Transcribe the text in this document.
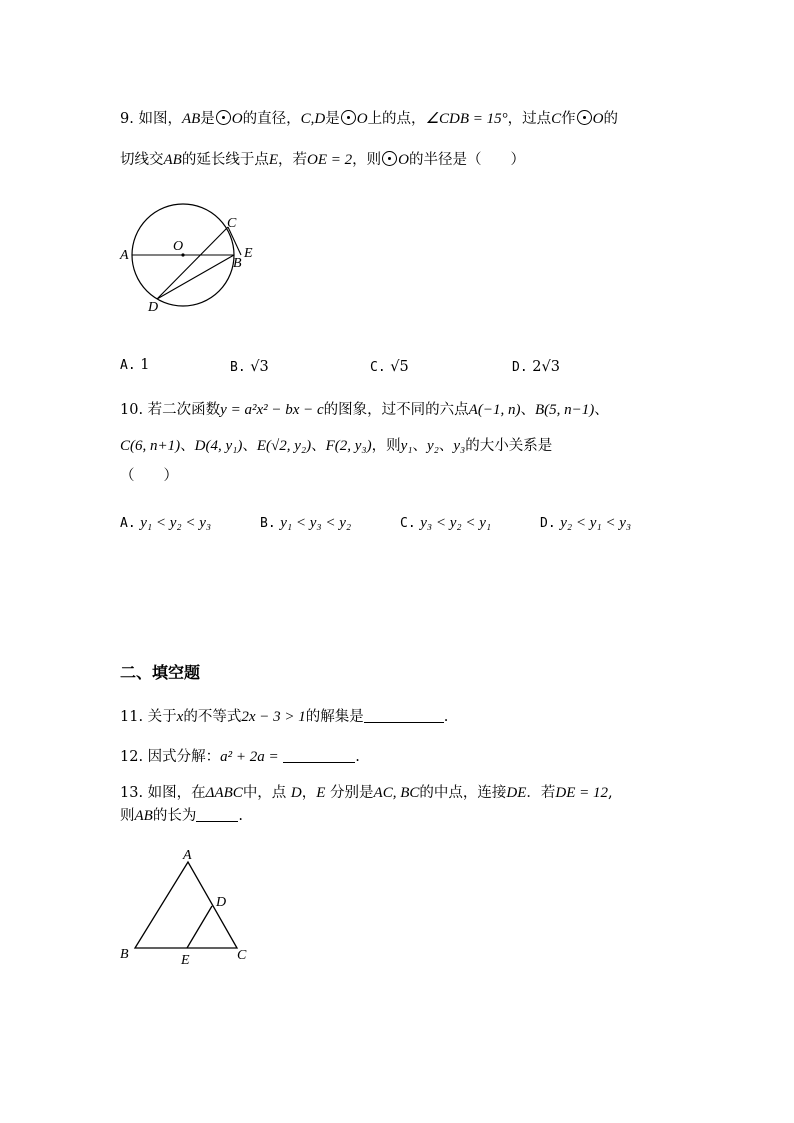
9. 如图，AB是 O的直径，C,D是 O上的点，∠CDB = 15°，过点C作 O的
切线交AB的延长线于点E，若OE = 2，则 O的半径是（　　）
A
O
C
E
B
D
A. 1	B. √3	C. √5	D. 2√3
10. 若二次函数y = a²x² − bx − c的图象，过不同的六点A(−1, n)、B(5, n−1)、
C(6, n+1)、D(4, y₁)、E(√2, y₂)、F(2, y₃)，则y₁、y₂、y₃的大小关系是
（　　）
A. y₁ < y₂ < y₃	B. y₁ < y₃ < y₂	C. y₃ < y₂ < y₁	D. y₂ < y₁ < y₃
二、填空题
11. 关于x的不等式2x − 3 > 1的解集是	.
12. 因式分解：a² + 2a =	.
13. 如图，在ΔABC中，点 D，E 分别是AC, BC的中点，连接DE．若DE = 12,
则AB的长为	.
A
D
B	E	C
